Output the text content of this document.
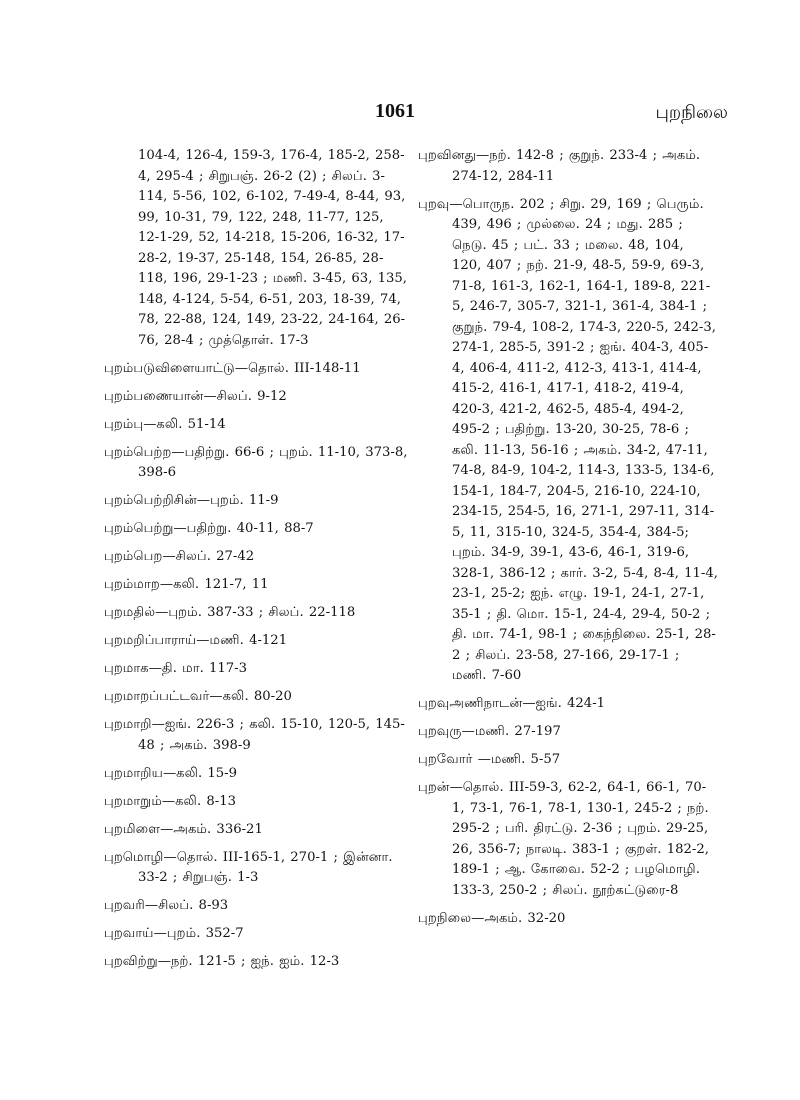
1061	புறநிலை

104-4, 126-4, 159-3, 176-4, 185-2, 258-4, 295-4 ; சிறுபஞ். 26-2 (2) ; சிலப். 3-114, 5-56, 102, 6-102, 7-49-4, 8-44, 93, 99, 10-31, 79, 122, 248, 11-77, 125, 12-1-29, 52, 14-218, 15-206, 16-32, 17-28-2, 19-37, 25-148, 154, 26-85, 28-118, 196, 29-1-23 ; மணி. 3-45, 63, 135, 148, 4-124, 5-54, 6-51, 203, 18-39, 74, 78, 22-88, 124, 149, 23-22, 24-164, 26-76, 28-4 ; முத்தொள். 17-3

புறம்படுவிளையாட்டு—தொல். III-148-11

புறம்பணையான்—சிலப். 9-12

புறம்பு—கலி. 51-14

புறம்பெற்ற—பதிற்று. 66-6 ; புறம். 11-10, 373-8, 398-6

புறம்பெற்றிசின்—புறம். 11-9

புறம்பெற்று—பதிற்று. 40-11, 88-7

புறம்பெற—சிலப். 27-42

புறம்மாற—கலி. 121-7, 11

புறமதில்—புறம். 387-33 ; சிலப். 22-118

புறமறிப்பாராய்—மணி. 4-121

புறமாக—தி. மா. 117-3

புறமாறப்பட்டவர்—கலி. 80-20

புறமாறி—ஐங். 226-3 ; கலி. 15-10, 120-5, 145-48 ; அகம். 398-9

புறமாறிய—கலி. 15-9

புறமாறும்—கலி. 8-13

புறமிளை—அகம். 336-21

புறமொழி—தொல். III-165-1, 270-1 ; இன்னா. 33-2 ; சிறுபஞ். 1-3

புறவரி—சிலப். 8-93

புறவாய்—புறம். 352-7

புறவிற்று—நற். 121-5 ; ஐந். ஐம். 12-3

புறவினது—நற். 142-8 ; குறுந். 233-4 ; அகம். 274-12, 284-11

புறவு—பொருந. 202 ; சிறு. 29, 169 ; பெரும். 439, 496 ; முல்லை. 24 ; மது. 285 ; நெடு. 45 ; பட். 33 ; மலை. 48, 104, 120, 407 ; நற். 21-9, 48-5, 59-9, 69-3, 71-8, 161-3, 162-1, 164-1, 189-8, 221-5, 246-7, 305-7, 321-1, 361-4, 384-1 ; குறுந். 79-4, 108-2, 174-3, 220-5, 242-3, 274-1, 285-5, 391-2 ; ஐங். 404-3, 405-4, 406-4, 411-2, 412-3, 413-1, 414-4, 415-2, 416-1, 417-1, 418-2, 419-4, 420-3, 421-2, 462-5, 485-4, 494-2, 495-2 ; பதிற்று. 13-20, 30-25, 78-6 ; கலி. 11-13, 56-16 ; அகம். 34-2, 47-11, 74-8, 84-9, 104-2, 114-3, 133-5, 134-6, 154-1, 184-7, 204-5, 216-10, 224-10, 234-15, 254-5, 16, 271-1, 297-11, 314-5, 11, 315-10, 324-5, 354-4, 384-5; புறம். 34-9, 39-1, 43-6, 46-1, 319-6, 328-1, 386-12 ; கார். 3-2, 5-4, 8-4, 11-4, 23-1, 25-2; ஐந். எழு. 19-1, 24-1, 27-1, 35-1 ; தி. மொ. 15-1, 24-4, 29-4, 50-2 ; தி. மா. 74-1, 98-1 ; கைந்நிலை. 25-1, 28-2 ; சிலப். 23-58, 27-166, 29-17-1 ; மணி. 7-60

புறவுஅணிநாடன்—ஐங். 424-1

புறவுரு—மணி. 27-197

புறவோர் —மணி. 5-57

புறன்—தொல். III-59-3, 62-2, 64-1, 66-1, 70-1, 73-1, 76-1, 78-1, 130-1, 245-2 ; நற். 295-2 ; பரி. திரட்டு. 2-36 ; புறம். 29-25, 26, 356-7; நாலடி. 383-1 ; குறள். 182-2, 189-1 ; ஆ. கோவை. 52-2 ; பழமொழி. 133-3, 250-2 ; சிலப். நூற்கட்டுரை-8

புறநிலை—அகம். 32-20
